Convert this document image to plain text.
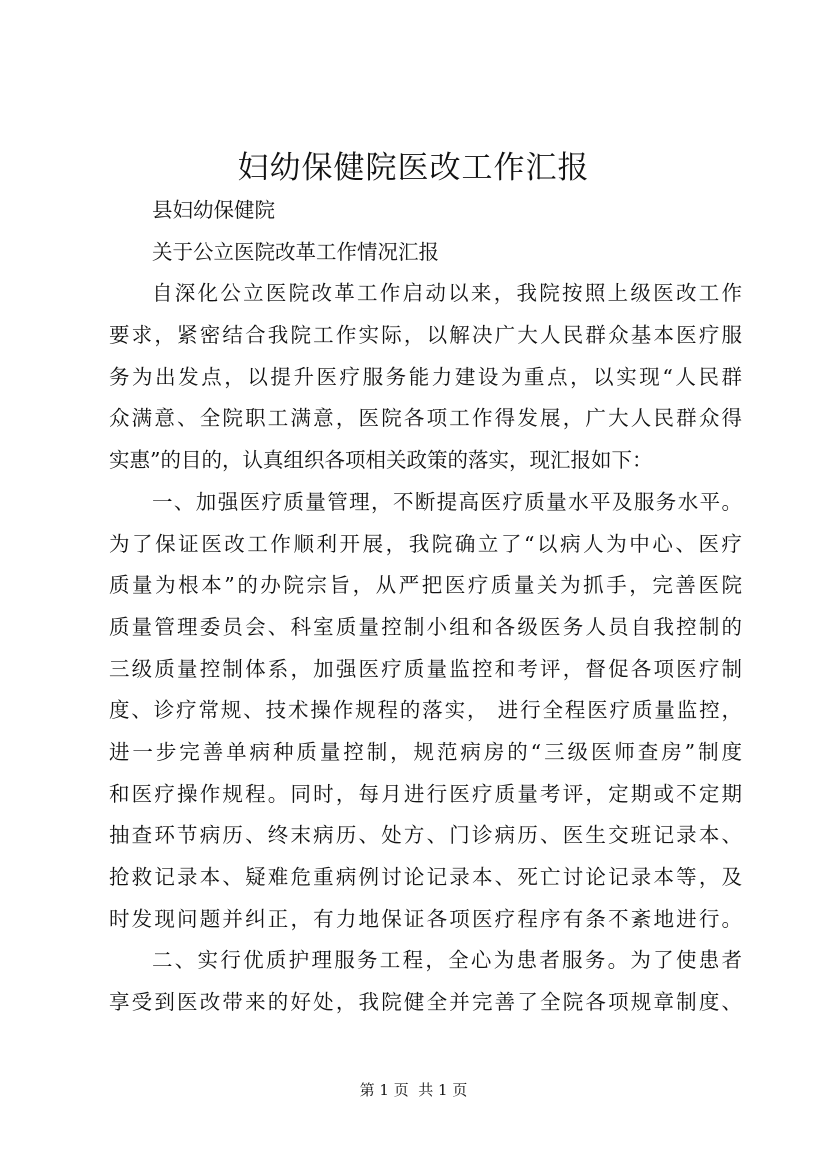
妇幼保健院医改工作汇报
县妇幼保健院
关于公立医院改革工作情况汇报
自深化公立医院改革工作启动以来，我院按照上级医改工作
要求，紧密结合我院工作实际，以解决广大人民群众基本医疗服
务为出发点，以提升医疗服务能力建设为重点，以实现“人民群
众满意、全院职工满意，医院各项工作得发展，广大人民群众得
实惠”的目的，认真组织各项相关政策的落实，现汇报如下：
一、加强医疗质量管理，不断提高医疗质量水平及服务水平。
为了保证医改工作顺利开展，我院确立了“以病人为中心、医疗
质量为根本”的办院宗旨，从严把医疗质量关为抓手，完善医院
质量管理委员会、科室质量控制小组和各级医务人员自我控制的
三级质量控制体系，加强医疗质量监控和考评，督促各项医疗制
度、诊疗常规、技术操作规程的落实， 进行全程医疗质量监控，
进一步完善单病种质量控制，规范病房的“三级医师查房”制度
和医疗操作规程。同时，每月进行医疗质量考评，定期或不定期
抽查环节病历、终末病历、处方、门诊病历、医生交班记录本、
抢救记录本、疑难危重病例讨论记录本、死亡讨论记录本等，及
时发现问题并纠正，有力地保证各项医疗程序有条不紊地进行。
二、实行优质护理服务工程，全心为患者服务。为了使患者
享受到医改带来的好处，我院健全并完善了全院各项规章制度、
第 1 页  共 1 页
